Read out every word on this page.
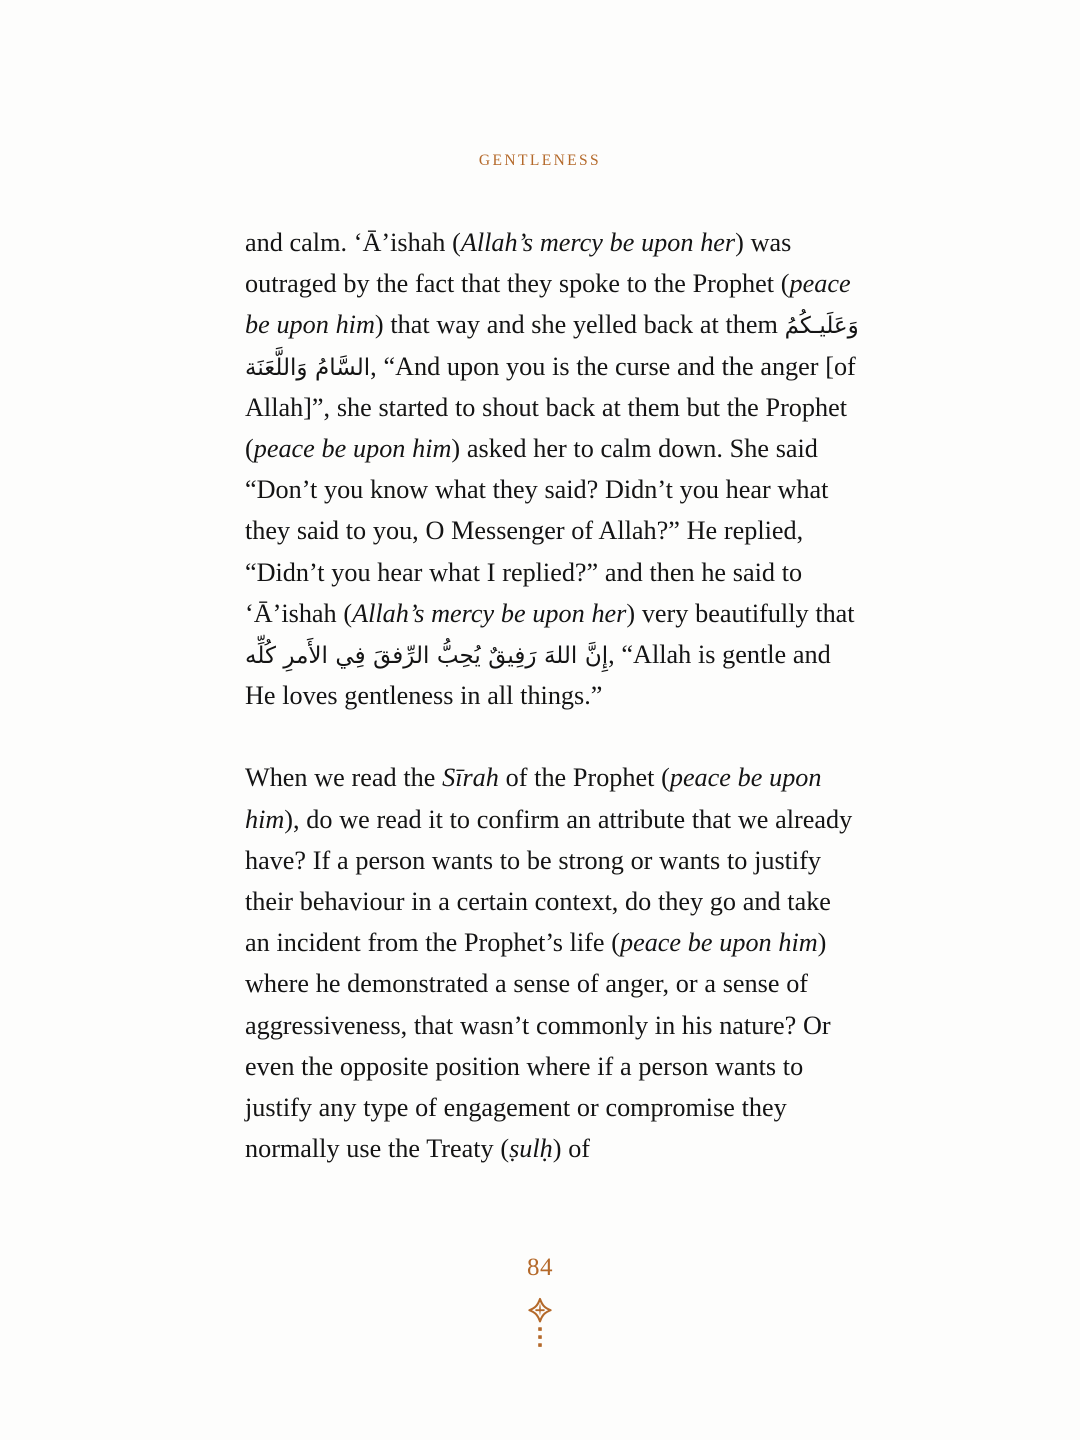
GENTLENESS

and calm. ʻĀ’ishah (Allah’s mercy be upon her) was outraged by the fact that they spoke to the Prophet (peace be upon him) that way and she yelled back at them وَعَلَيـكُمُ السَّامُ وَاللَّعَنَة, “And upon you is the curse and the anger [of Allah]”, she started to shout back at them but the Prophet (peace be upon him) asked her to calm down. She said “Don’t you know what they said? Didn’t you hear what they said to you, O Messenger of Allah?” He replied, “Didn’t you hear what I replied?” and then he said to ʻĀ’ishah (Allah’s mercy be upon her) very beautifully that إِنَّ اللهَ رَفِيقٌ يُحِبُّ الرِّفقَ فِي الأَمرِ كُلِّه, “Allah is gentle and He loves gentleness in all things.”

When we read the Sīrah of the Prophet (peace be upon him), do we read it to confirm an attribute that we already have? If a person wants to be strong or wants to justify their behaviour in a certain context, do they go and take an incident from the Prophet’s life (peace be upon him) where he demonstrated a sense of anger, or a sense of aggressiveness, that wasn’t commonly in his nature? Or even the opposite position where if a person wants to justify any type of engagement or compromise they normally use the Treaty (ṣulḥ) of

84
